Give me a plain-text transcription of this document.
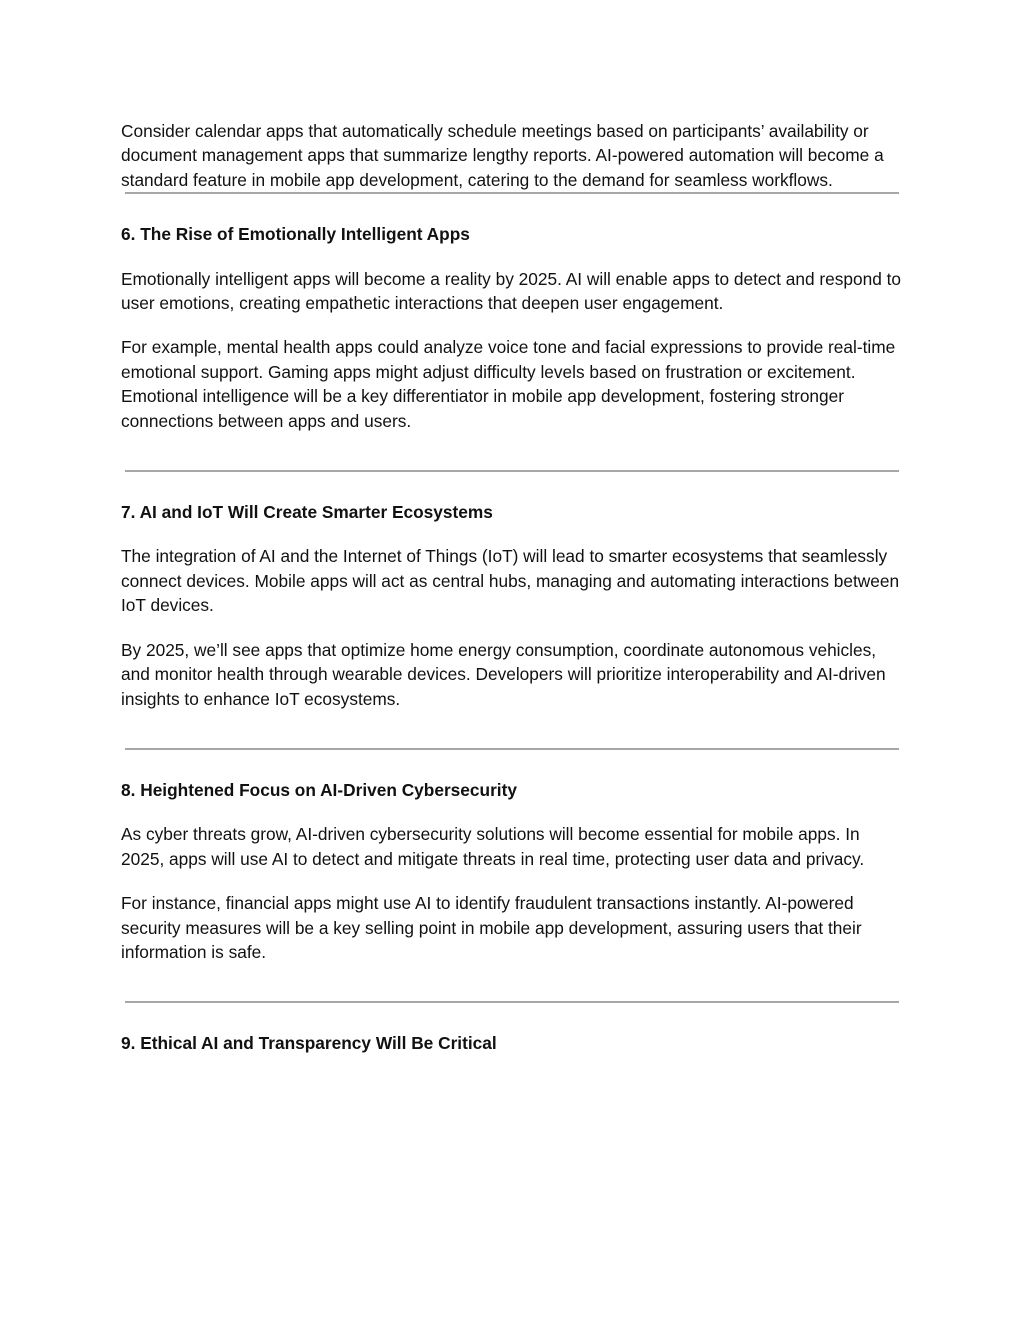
Consider calendar apps that automatically schedule meetings based on participants’ availability or document management apps that summarize lengthy reports. AI-powered automation will become a standard feature in mobile app development, catering to the demand for seamless workflows.

6. The Rise of Emotionally Intelligent Apps

Emotionally intelligent apps will become a reality by 2025. AI will enable apps to detect and respond to user emotions, creating empathetic interactions that deepen user engagement.

For example, mental health apps could analyze voice tone and facial expressions to provide real-time emotional support. Gaming apps might adjust difficulty levels based on frustration or excitement. Emotional intelligence will be a key differentiator in mobile app development, fostering stronger connections between apps and users.

7. AI and IoT Will Create Smarter Ecosystems

The integration of AI and the Internet of Things (IoT) will lead to smarter ecosystems that seamlessly connect devices. Mobile apps will act as central hubs, managing and automating interactions between IoT devices.

By 2025, we’ll see apps that optimize home energy consumption, coordinate autonomous vehicles, and monitor health through wearable devices. Developers will prioritize interoperability and AI-driven insights to enhance IoT ecosystems.

8. Heightened Focus on AI-Driven Cybersecurity

As cyber threats grow, AI-driven cybersecurity solutions will become essential for mobile apps. In 2025, apps will use AI to detect and mitigate threats in real time, protecting user data and privacy.

For instance, financial apps might use AI to identify fraudulent transactions instantly. AI-powered security measures will be a key selling point in mobile app development, assuring users that their information is safe.

9. Ethical AI and Transparency Will Be Critical
